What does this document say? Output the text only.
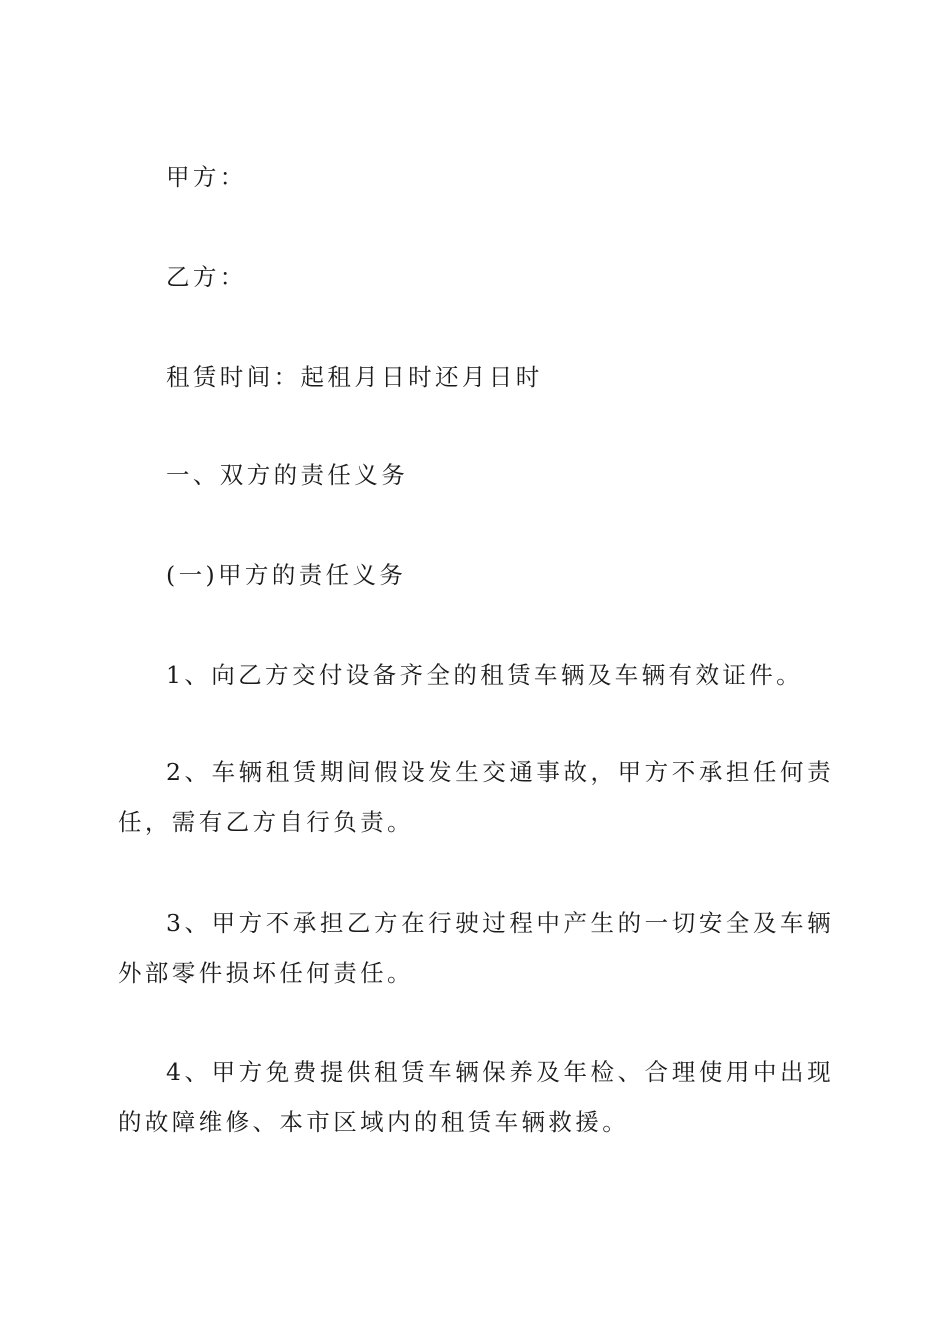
甲方：

乙方：

租赁时间：起租月日时还月日时

一、双方的责任义务

(一)甲方的责任义务

1、向乙方交付设备齐全的租赁车辆及车辆有效证件。

2、车辆租赁期间假设发生交通事故，甲方不承担任何责任，需有乙方自行负责。

3、甲方不承担乙方在行驶过程中产生的一切安全及车辆外部零件损坏任何责任。

4、甲方免费提供租赁车辆保养及年检、合理使用中出现的故障维修、本市区域内的租赁车辆救援。
